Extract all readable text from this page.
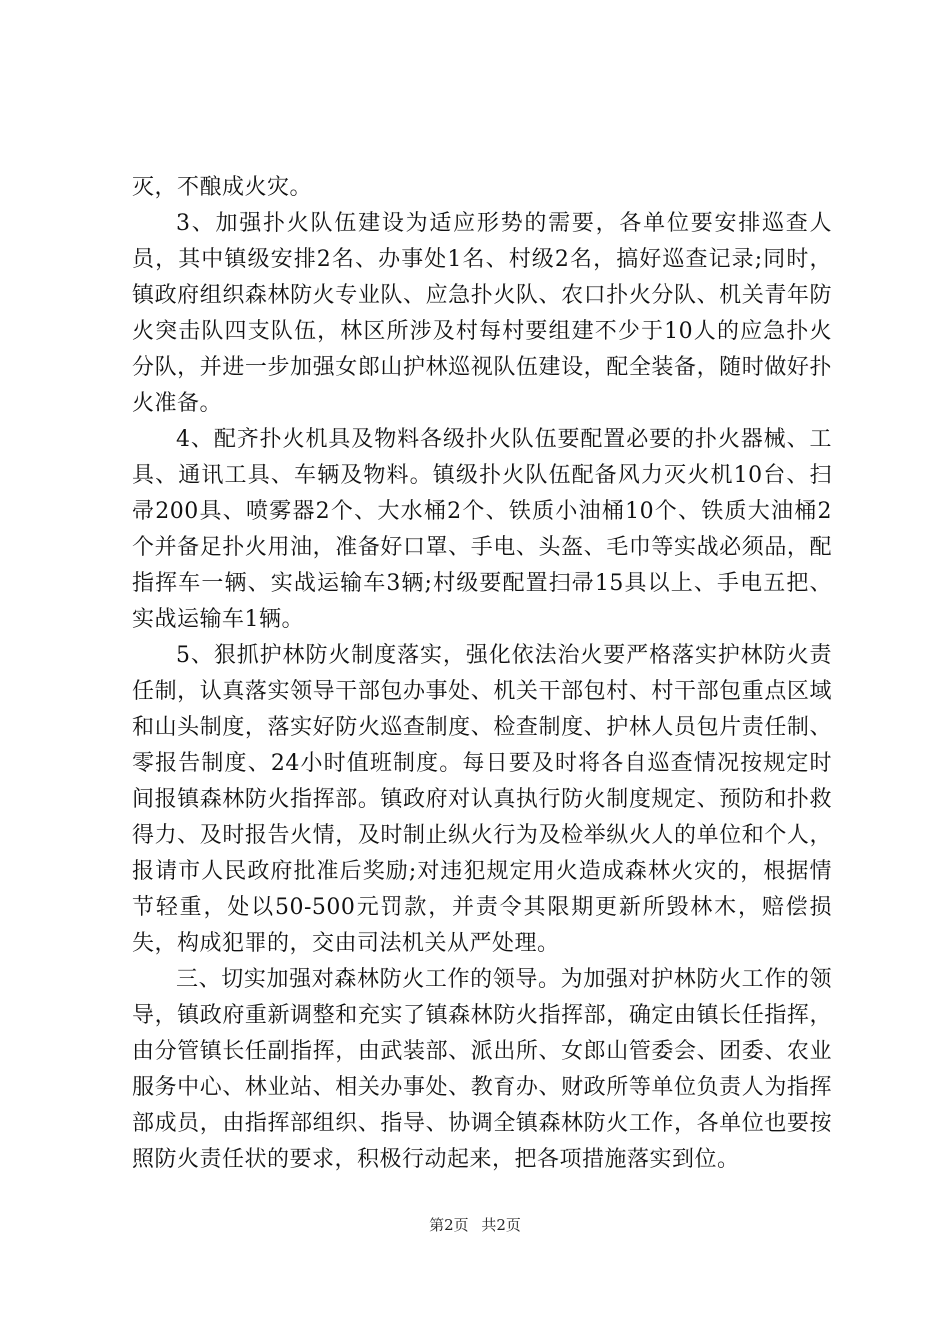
灭，不酿成火灾。

3、加强扑火队伍建设为适应形势的需要，各单位要安排巡查人员，其中镇级安排2名、办事处1名、村级2名，搞好巡查记录;同时，镇政府组织森林防火专业队、应急扑火队、农口扑火分队、机关青年防火突击队四支队伍，林区所涉及村每村要组建不少于10人的应急扑火分队，并进一步加强女郎山护林巡视队伍建设，配全装备，随时做好扑火准备。

4、配齐扑火机具及物料各级扑火队伍要配置必要的扑火器械、工具、通讯工具、车辆及物料。镇级扑火队伍配备风力灭火机10台、扫帚200具、喷雾器2个、大水桶2个、铁质小油桶10个、铁质大油桶2个并备足扑火用油，准备好口罩、手电、头盔、毛巾等实战必须品，配指挥车一辆、实战运输车3辆;村级要配置扫帚15具以上、手电五把、实战运输车1辆。

5、狠抓护林防火制度落实，强化依法治火要严格落实护林防火责任制，认真落实领导干部包办事处、机关干部包村、村干部包重点区域和山头制度，落实好防火巡查制度、检查制度、护林人员包片责任制、零报告制度、24小时值班制度。每日要及时将各自巡查情况按规定时间报镇森林防火指挥部。镇政府对认真执行防火制度规定、预防和扑救得力、及时报告火情，及时制止纵火行为及检举纵火人的单位和个人，报请市人民政府批准后奖励;对违犯规定用火造成森林火灾的，根据情节轻重，处以50-500元罚款，并责令其限期更新所毁林木，赔偿损失，构成犯罪的，交由司法机关从严处理。

三、切实加强对森林防火工作的领导。为加强对护林防火工作的领导，镇政府重新调整和充实了镇森林防火指挥部，确定由镇长任指挥，由分管镇长任副指挥，由武装部、派出所、女郎山管委会、团委、农业服务中心、林业站、相关办事处、教育办、财政所等单位负责人为指挥部成员，由指挥部组织、指导、协调全镇森林防火工作，各单位也要按照防火责任状的要求，积极行动起来，把各项措施落实到位。

第2页 共2页
